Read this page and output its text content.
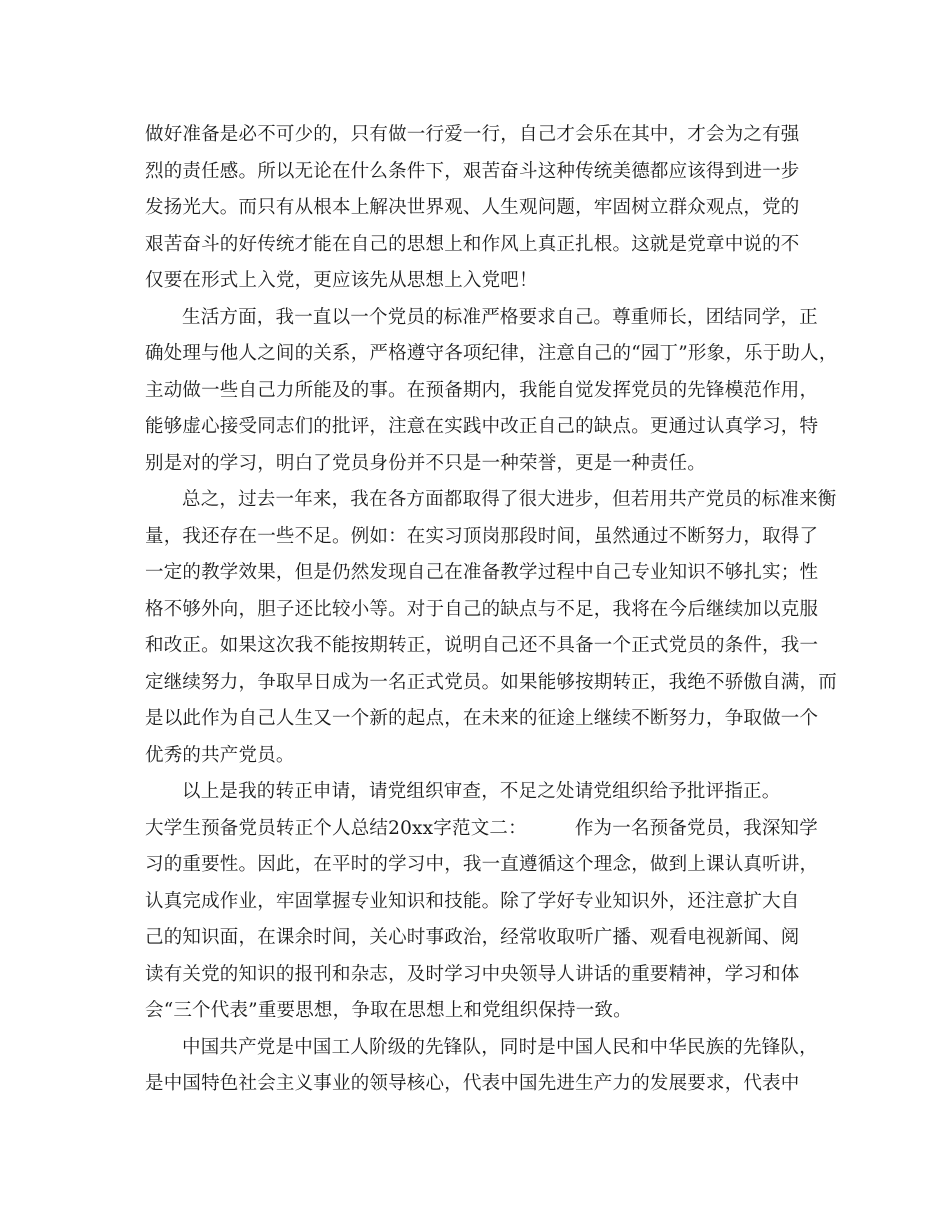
做好准备是必不可少的，只有做一行爱一行，自己才会乐在其中，才会为之有强
烈的责任感。所以无论在什么条件下，艰苦奋斗这种传统美德都应该得到进一步
发扬光大。而只有从根本上解决世界观、人生观问题，牢固树立群众观点，党的
艰苦奋斗的好传统才能在自己的思想上和作风上真正扎根。这就是党章中说的不
仅要在形式上入党，更应该先从思想上入党吧！
生活方面，我一直以一个党员的标准严格要求自己。尊重师长，团结同学，正
确处理与他人之间的关系，严格遵守各项纪律，注意自己的“园丁”形象，乐于助人，
主动做一些自己力所能及的事。在预备期内，我能自觉发挥党员的先锋模范作用，
能够虚心接受同志们的批评，注意在实践中改正自己的缺点。更通过认真学习，特
别是对的学习，明白了党员身份并不只是一种荣誉，更是一种责任。
总之，过去一年来，我在各方面都取得了很大进步，但若用共产党员的标准来衡
量，我还存在一些不足。例如：在实习顶岗那段时间，虽然通过不断努力，取得了
一定的教学效果，但是仍然发现自己在准备教学过程中自己专业知识不够扎实；性
格不够外向，胆子还比较小等。对于自己的缺点与不足，我将在今后继续加以克服
和改正。如果这次我不能按期转正，说明自己还不具备一个正式党员的条件，我一
定继续努力，争取早日成为一名正式党员。如果能够按期转正，我绝不骄傲自满，而
是以此作为自己人生又一个新的起点，在未来的征途上继续不断努力，争取做一个
优秀的共产党员。
以上是我的转正申请，请党组织审查，不足之处请党组织给予批评指正。
大学生预备党员转正个人总结20xx字范文二：	作为一名预备党员，我深知学
习的重要性。因此，在平时的学习中，我一直遵循这个理念，做到上课认真听讲，
认真完成作业，牢固掌握专业知识和技能。除了学好专业知识外，还注意扩大自
己的知识面，在课余时间，关心时事政治，经常收取听广播、观看电视新闻、阅
读有关党的知识的报刊和杂志，及时学习中央领导人讲话的重要精神，学习和体
会“三个代表”重要思想，争取在思想上和党组织保持一致。
中国共产党是中国工人阶级的先锋队，同时是中国人民和中华民族的先锋队，
是中国特色社会主义事业的领导核心，代表中国先进生产力的发展要求，代表中
